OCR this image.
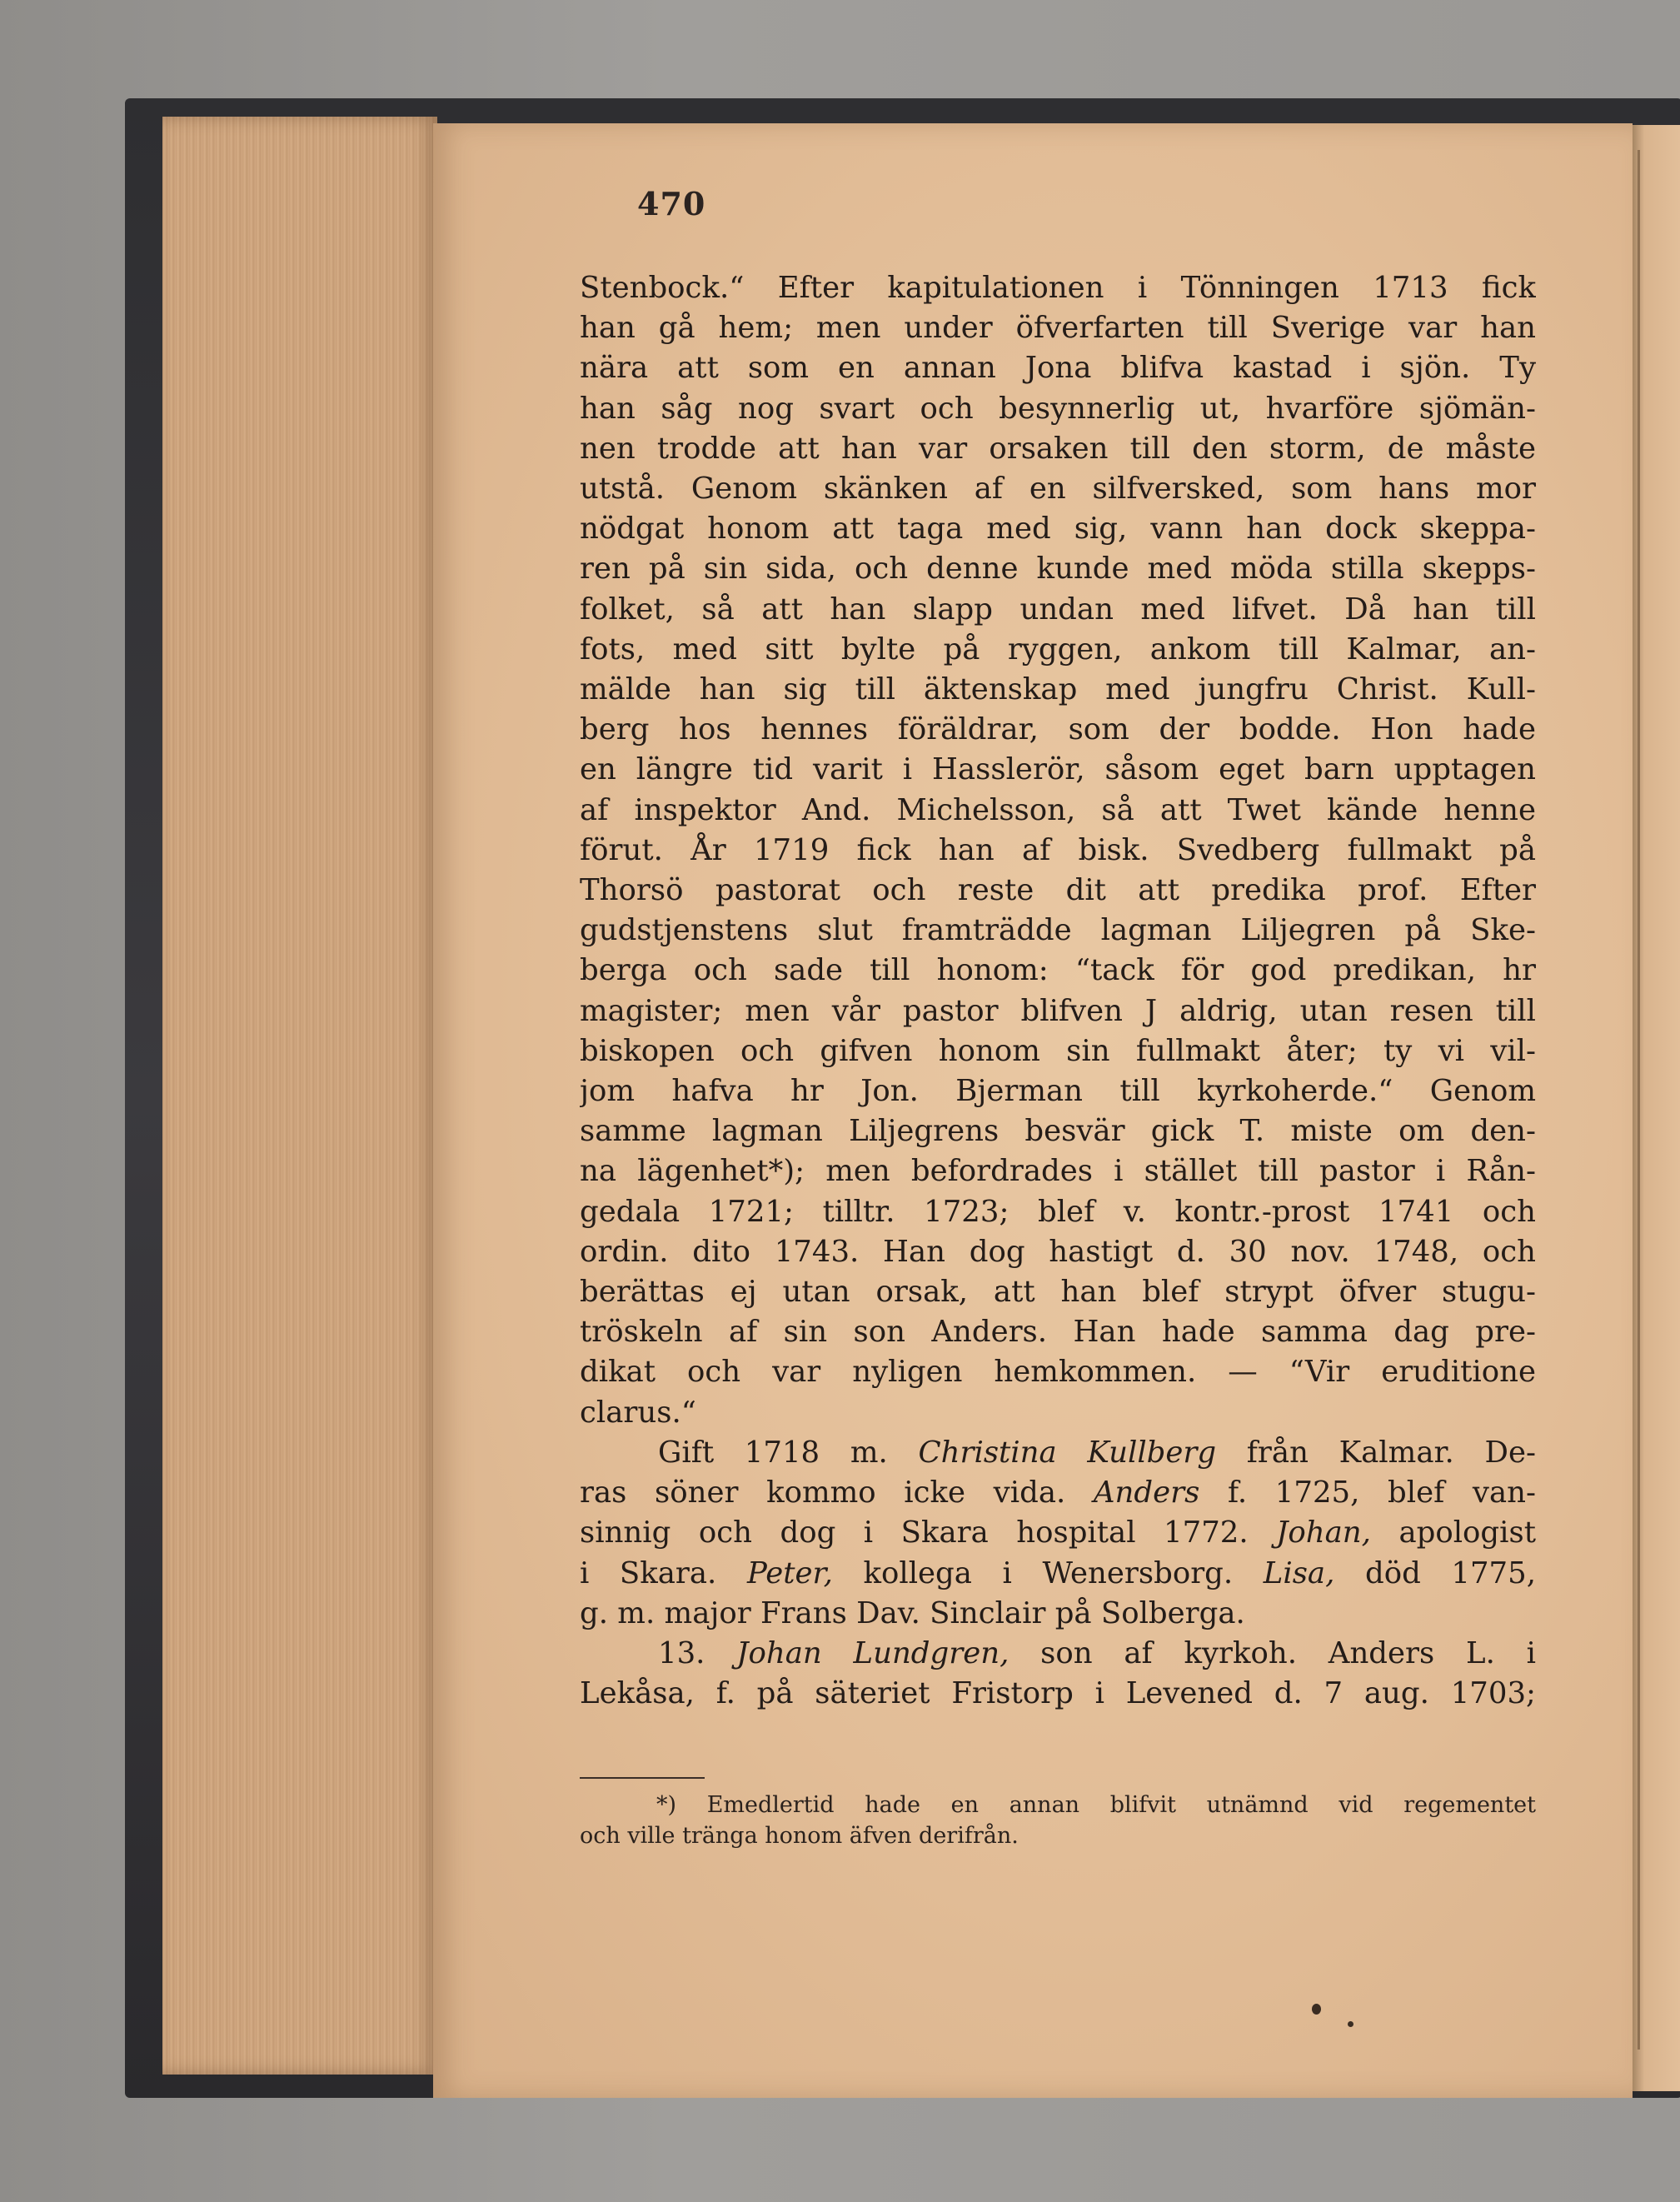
470
Stenbock.“ Efter kapitulationen i Tönningen 1713 fick
han gå hem; men under öfverfarten till Sverige var han
nära att som en annan Jona blifva kastad i sjön. Ty
han såg nog svart och besynnerlig ut, hvarföre sjömän-
nen trodde att han var orsaken till den storm, de måste
utstå. Genom skänken af en silfversked, som hans mor
nödgat honom att taga med sig, vann han dock skeppa-
ren på sin sida, och denne kunde med möda stilla skepps-
folket, så att han slapp undan med lifvet. Då han till
fots, med sitt bylte på ryggen, ankom till Kalmar, an-
mälde han sig till äktenskap med jungfru Christ. Kull-
berg hos hennes föräldrar, som der bodde. Hon hade
en längre tid varit i Hasslerör, såsom eget barn upptagen
af inspektor And. Michelsson, så att Twet kände henne
förut. År 1719 fick han af bisk. Svedberg fullmakt på
Thorsö pastorat och reste dit att predika prof. Efter
gudstjenstens slut framträdde lagman Liljegren på Ske-
berga och sade till honom: “tack för god predikan, hr
magister; men vår pastor blifven J aldrig, utan resen till
biskopen och gifven honom sin fullmakt åter; ty vi vil-
jom hafva hr Jon. Bjerman till kyrkoherde.“ Genom
samme lagman Liljegrens besvär gick T. miste om den-
na lägenhet*); men befordrades i stället till pastor i Rån-
gedala 1721; tilltr. 1723; blef v. kontr.-prost 1741 och
ordin. dito 1743. Han dog hastigt d. 30 nov. 1748, och
berättas ej utan orsak, att han blef strypt öfver stugu-
tröskeln af sin son Anders. Han hade samma dag pre-
dikat och var nyligen hemkommen. — “Vir eruditione
clarus.“
Gift 1718 m. Christina Kullberg från Kalmar. De-
ras söner kommo icke vida. Anders f. 1725, blef van-
sinnig och dog i Skara hospital 1772. Johan, apologist
i Skara. Peter, kollega i Wenersborg. Lisa, död 1775,
g. m. major Frans Dav. Sinclair på Solberga.
13. Johan Lundgren, son af kyrkoh. Anders L. i
Lekåsa, f. på säteriet Fristorp i Levened d. 7 aug. 1703;
*) Emedlertid hade en annan blifvit utnämnd vid regementet
och ville tränga honom äfven derifrån.
